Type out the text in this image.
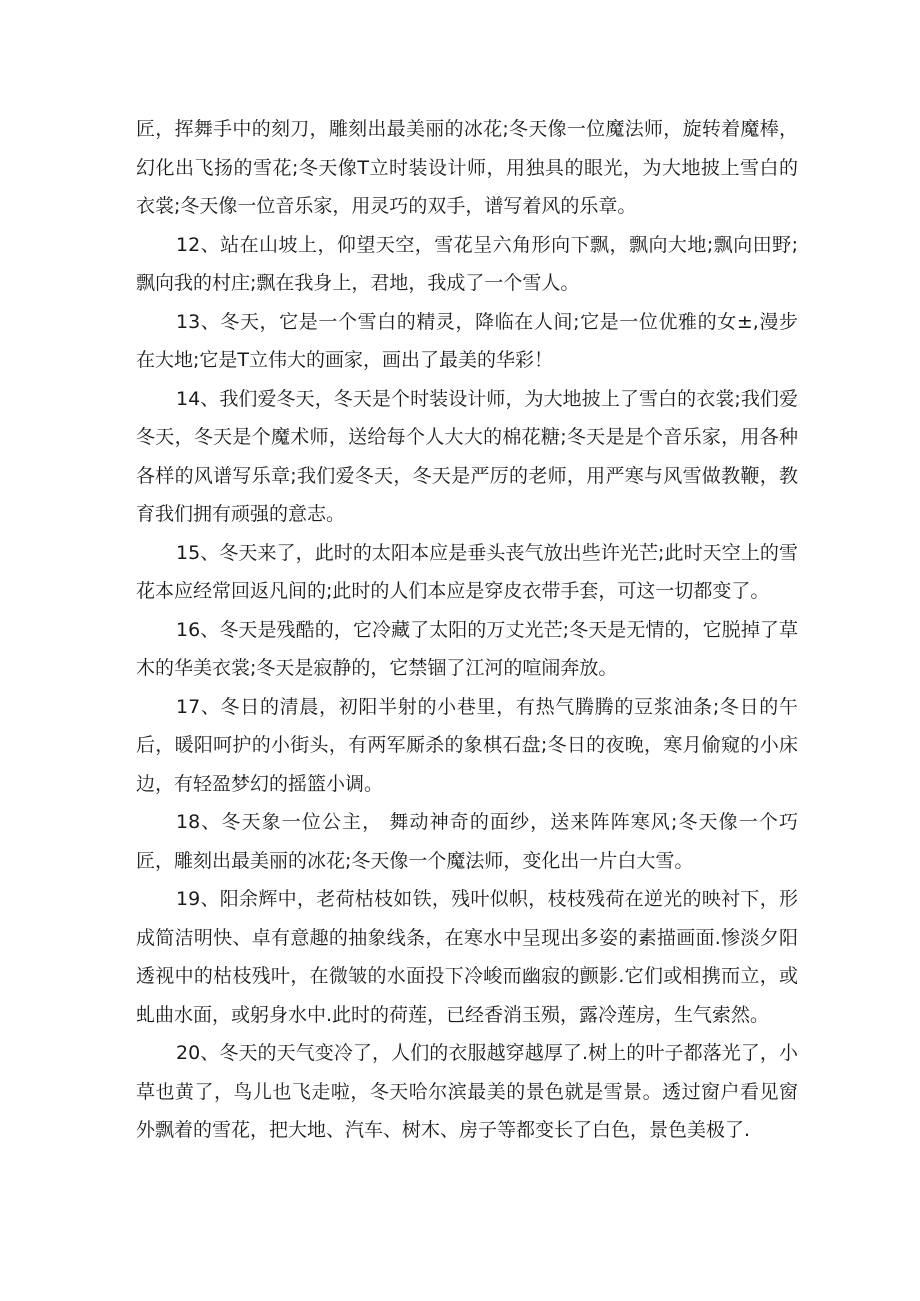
匠，挥舞手中的刻刀，雕刻出最美丽的冰花;冬天像一位魔法师，旋转着魔棒，幻化出飞扬的雪花;冬天像T立时装设计师，用独具的眼光，为大地披上雪白的衣裳;冬天像一位音乐家，用灵巧的双手，谱写着风的乐章。

12、站在山坡上，仰望天空，雪花呈六角形向下飘，飘向大地;飘向田野;飘向我的村庄;飘在我身上，君地，我成了一个雪人。

13、冬天，它是一个雪白的精灵，降临在人间;它是一位优雅的女±,漫步在大地;它是T立伟大的画家，画出了最美的华彩！

14、我们爱冬天，冬天是个时装设计师，为大地披上了雪白的衣裳;我们爱冬天，冬天是个魔术师，送给每个人大大的棉花糖;冬天是是个音乐家，用各种各样的风谱写乐章;我们爱冬天，冬天是严厉的老师，用严寒与风雪做教鞭，教育我们拥有顽强的意志。

15、冬天来了，此时的太阳本应是垂头丧气放出些许光芒;此时天空上的雪花本应经常回返凡间的;此时的人们本应是穿皮衣带手套，可这一切都变了。

16、冬天是残酷的，它冷藏了太阳的万丈光芒;冬天是无情的，它脱掉了草木的华美衣裳;冬天是寂静的，它禁锢了江河的喧闹奔放。

17、冬日的清晨，初阳半射的小巷里，有热气腾腾的豆浆油条;冬日的午后，暖阳呵护的小街头，有两军厮杀的象棋石盘;冬日的夜晚，寒月偷窥的小床边，有轻盈梦幻的摇篮小调。

18、冬天象一位公主， 舞动神奇的面纱，送来阵阵寒风;冬天像一个巧匠，雕刻出最美丽的冰花;冬天像一个魔法师，变化出一片白大雪。

19、阳余辉中，老荷枯枝如铁，残叶似帜，枝枝残荷在逆光的映衬下，形成简洁明快、卓有意趣的抽象线条，在寒水中呈现出多姿的素描画面.惨淡夕阳透视中的枯枝残叶，在微皱的水面投下冷峻而幽寂的颤影.它们或相携而立，或虬曲水面，或躬身水中.此时的荷莲，已经香消玉殒，露冷莲房，生气索然。

20、冬天的天气变冷了，人们的衣服越穿越厚了.树上的叶子都落光了，小草也黄了，鸟儿也飞走啦，冬天哈尔滨最美的景色就是雪景。透过窗户看见窗外飘着的雪花，把大地、汽车、树木、房子等都变长了白色，景色美极了.
